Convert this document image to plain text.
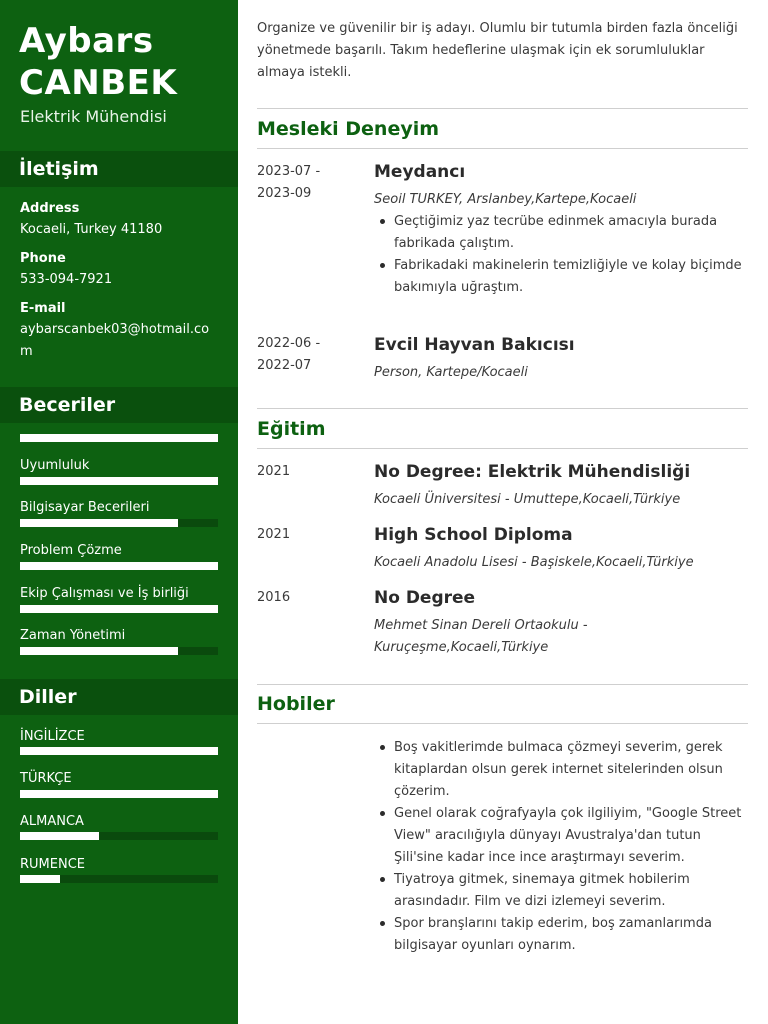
Aybars
CANBEK
Elektrik Mühendisi
İletişim
Address
Kocaeli, Turkey 41180
Phone
533-094-7921
E-mail
aybarscanbek03@hotmail.com
Beceriler
Uyumluluk
Bilgisayar Becerileri
Problem Çözme
Ekip Çalışması ve İş birliği
Zaman Yönetimi
Diller
İNGİLİZCE
TÜRKÇE
ALMANCA
RUMENCE
Organize ve güvenilir bir iş adayı. Olumlu bir tutumla birden fazla önceliği yönetmede başarılı. Takım hedeflerine ulaşmak için ek sorumluluklar almaya istekli.
Mesleki Deneyim
2023-07 -
2023-09
Meydancı
Seoil TURKEY, Arslanbey,Kartepe,Kocaeli
Geçtiğimiz yaz tecrübe edinmek amacıyla burada fabrikada çalıştım.
Fabrikadaki makinelerin temizliğiyle ve kolay biçimde bakımıyla uğraştım.
2022-06 -
2022-07
Evcil Hayvan Bakıcısı
Person, Kartepe/Kocaeli
Eğitim
2021	No Degree: Elektrik Mühendisliği
Kocaeli Üniversitesi - Umuttepe,Kocaeli,Türkiye
2021	High School Diploma
Kocaeli Anadolu Lisesi - Başiskele,Kocaeli,Türkiye
2016	No Degree
Mehmet Sinan Dereli Ortaokulu - Kuruçeşme,Kocaeli,Türkiye
Hobiler
Boş vakitlerimde bulmaca çözmeyi severim, gerek kitaplardan olsun gerek internet sitelerinden olsun çözerim.
Genel olarak coğrafyayla çok ilgiliyim, "Google Street View" aracılığıyla dünyayı Avustralya'dan tutun Şili'sine kadar ince ince araştırmayı severim.
Tiyatroya gitmek, sinemaya gitmek hobilerim arasındadır. Film ve dizi izlemeyi severim.
Spor branşlarını takip ederim, boş zamanlarımda bilgisayar oyunları oynarım.
